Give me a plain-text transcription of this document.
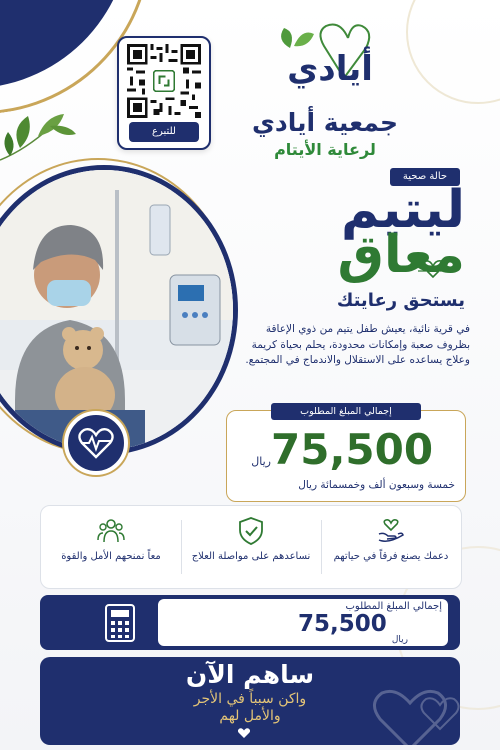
للتبرع
أيادي
جمعية أيادي
لرعاية الأيتام
حالة صحية
ليتيم
معاق
يستحق رعايتك
في قرية نائية، يعيش طفل يتيم من ذوي الإعاقة بظروف صعبة وإمكانات محدودة، يحلم بحياة كريمة وعلاج يساعده على الاستقلال والاندماج في المجتمع.
إجمالي المبلغ المطلوب
75,500
ريال
خمسة وسبعون ألف وخمسمائة ريال
دعمك يصنع فرقاً في حياتهم
نساعدهم على مواصلة العلاج
معاً نمنحهم الأمل والقوة
إجمالي المبلغ المطلوب
75,500
ريال
ساهم الآن
واكن سبباً في الأجر
والأمل لهم
